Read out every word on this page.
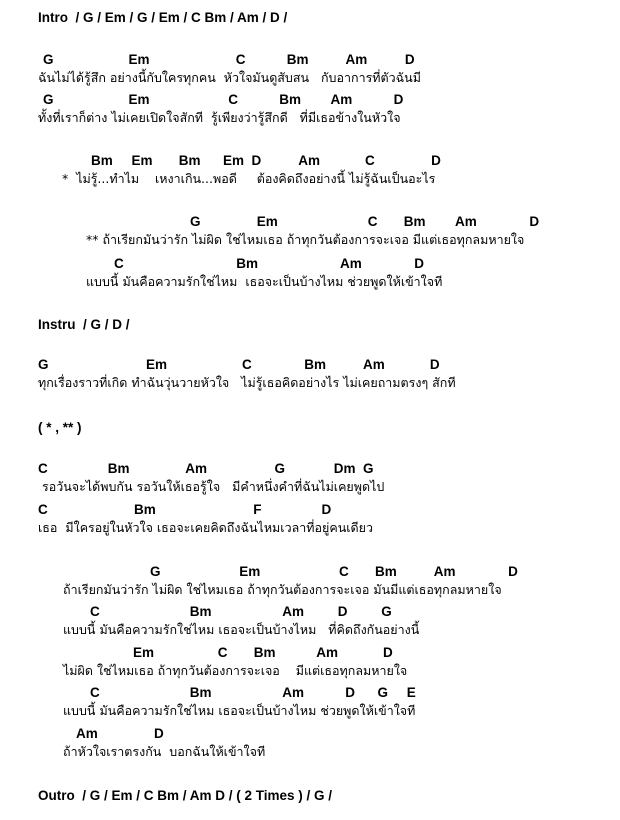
Intro  / G / Em / G / Em / C Bm / Am / D /
G                    Em                       C           Bm          Am          D
ฉันไม่ได้รู้สึก อย่างนี้กับใครทุกคน  หัวใจมันดูสับสน   กับอาการที่ตัวฉันมี
G                    Em                     C           Bm        Am           D
ทั้งที่เราก็ต่าง ไม่เคยเปิดใจสักที  รู้เพียงว่ารู้สึกดี   ที่มีเธอข้างในหัวใจ
Bm     Em       Bm      Em  D          Am            C               D
*  ไม่รู้...ทำไม    เหงาเกิน...พอดี     ต้องคิดถึงอย่างนี้ ไม่รู้ฉันเป็นอะไร
G               Em                        C       Bm        Am              D
** ถ้าเรียกมันว่ารัก ไม่ผิด ใช่ไหมเธอ ถ้าทุกวันต้องการจะเจอ มีแต่เธอทุกลมหายใจ
C                              Bm                      Am              D
แบบนี้ มันคือความรักใช่ไหม  เธอจะเป็นบ้างไหม ช่วยพูดให้เข้าใจที
Instru  / G / D /
G                          Em                    C              Bm          Am            D
ทุกเรื่องราวที่เกิด ทำฉันวุ่นวายหัวใจ   ไม่รู้เธอคิดอย่างไร ไม่เคยถามตรงๆ สักที
( * , ** )
C                Bm               Am                  G             Dm  G
รอวันจะได้พบกัน รอวันให้เธอรู้ใจ   มีคำหนึ่งคำที่ฉันไม่เคยพูดไป
C                       Bm                          F                D
เธอ  มีใครอยู่ในหัวใจ เธอจะเคยคิดถึงฉันไหมเวลาที่อยู่คนเดียว
G                     Em                     C       Bm          Am              D
ถ้าเรียกมันว่ารัก ไม่ผิด ใช่ไหมเธอ ถ้าทุกวันต้องการจะเจอ มันมีแต่เธอทุกลมหายใจ
C                        Bm                   Am         D         G
แบบนี้ มันคือความรักใช่ไหม เธอจะเป็นบ้างไหม   ที่คิดถึงกันอย่างนี้
Em                 C       Bm           Am            D
ไม่ผิด ใช่ไหมเธอ ถ้าทุกวันต้องการจะเจอ    มีแต่เธอทุกลมหายใจ
C                        Bm                   Am           D      G     E
แบบนี้ มันคือความรักใช่ไหม เธอจะเป็นบ้างไหม ช่วยพูดให้เข้าใจที
Am               D
ถ้าหัวใจเราตรงกัน  บอกฉันให้เข้าใจที
Outro  / G / Em / C Bm / Am D / ( 2 Times ) / G /
